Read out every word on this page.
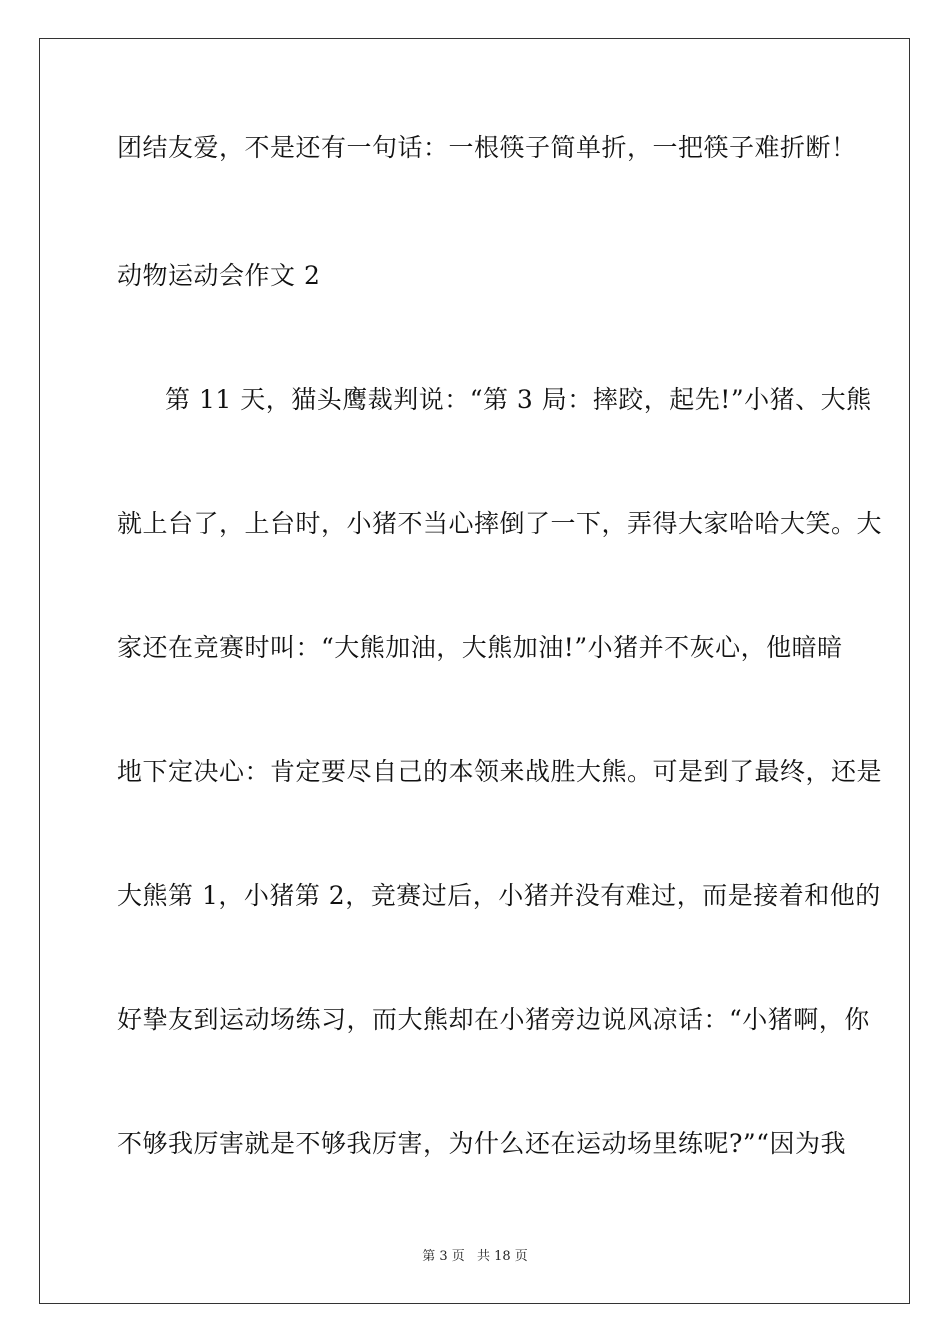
团结友爱，不是还有一句话：一根筷子简单折，一把筷子难折断！
动物运动会作文 2
第 11 天，猫头鹰裁判说：“第 3 局：摔跤，起先!”小猪、大熊
就上台了，上台时，小猪不当心摔倒了一下，弄得大家哈哈大笑。大
家还在竞赛时叫：“大熊加油，大熊加油!”小猪并不灰心，他暗暗
地下定决心：肯定要尽自己的本领来战胜大熊。可是到了最终，还是
大熊第 1，小猪第 2，竞赛过后，小猪并没有难过，而是接着和他的
好挚友到运动场练习，而大熊却在小猪旁边说风凉话：“小猪啊，你
不够我厉害就是不够我厉害，为什么还在运动场里练呢?”“因为我
第 3 页 共 18 页
